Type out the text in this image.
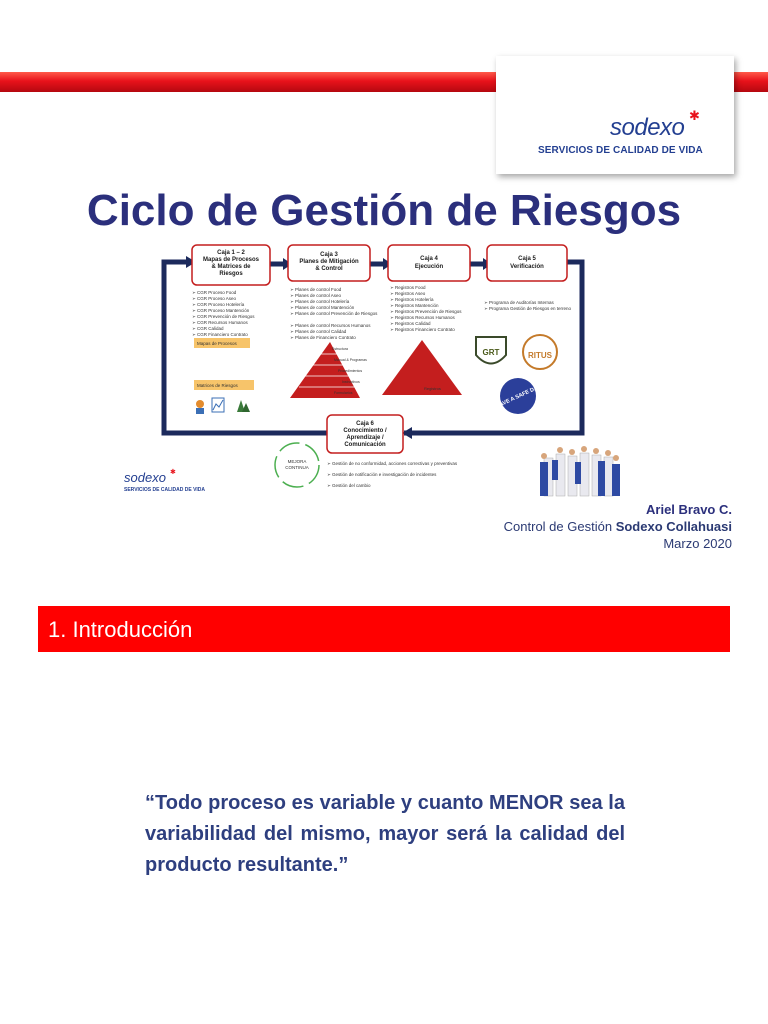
sodexo ✱
SERVICIOS DE CALIDAD DE VIDA
Ciclo de Gestión de Riesgos
Caja 1 – 2
Mapas de Procesos
& Matrices de
Riesgos
➢ CGR Proceso Food
➢ CGR Proceso Aseo
➢ CGR Proceso Hotelería
➢ CGR Proceso Mantención
➢ CGR Prevención de Riesgos
➢ CGR Recursos Humanos
➢ CGR Calidad
➢ CGR Financiero Contrato
Mapas de Procesos
Matrices de Riesgos
Caja 3
Planes de Mitigación
& Control
➢ Planes de control Food
➢ Planes de control Aseo
➢ Planes de control Hotelería
➢ Planes de control Mantención
➢ Planes de control Prevención de Riesgos
➢ Planes de control Recursos Humanos
➢ Planes de control Calidad
➢ Planes de Financiero Contrato
Estructura
Manual & Programas
Procedimientos
Instructivos
Formularios
Caja 4
Ejecución
➢ Registros Food
➢ Registros Aseo
➢ Registros Hotelería
➢ Registros Mantención
➢ Registros Prevención de Riesgos
➢ Registros Recursos Humanos
➢ Registros Calidad
➢ Registros Financiero Contrato
Registros
Caja 5
Verificación
➢ Programa de Auditorías Internas
➢ Programa Gestión de Riesgos en terreno
GRT	RITUS
HAVE A SAFE DAY
Caja 6
Conocimiento /
Aprendizaje /
Comunicación
➢ Gestión de no conformidad, acciones correctivas y preventivas
➢ Gestión de notificación e investigación de incidentes
➢ Gestión del cambio
MEJORA
CONTINUA
sodexo ✱
SERVICIOS DE CALIDAD DE VIDA
Ariel Bravo C.
Control de Gestión Sodexo Collahuasi
Marzo 2020
1. Introducción
“Todo proceso es variable y cuanto MENOR sea la variabilidad del mismo, mayor será la calidad del producto resultante.”
